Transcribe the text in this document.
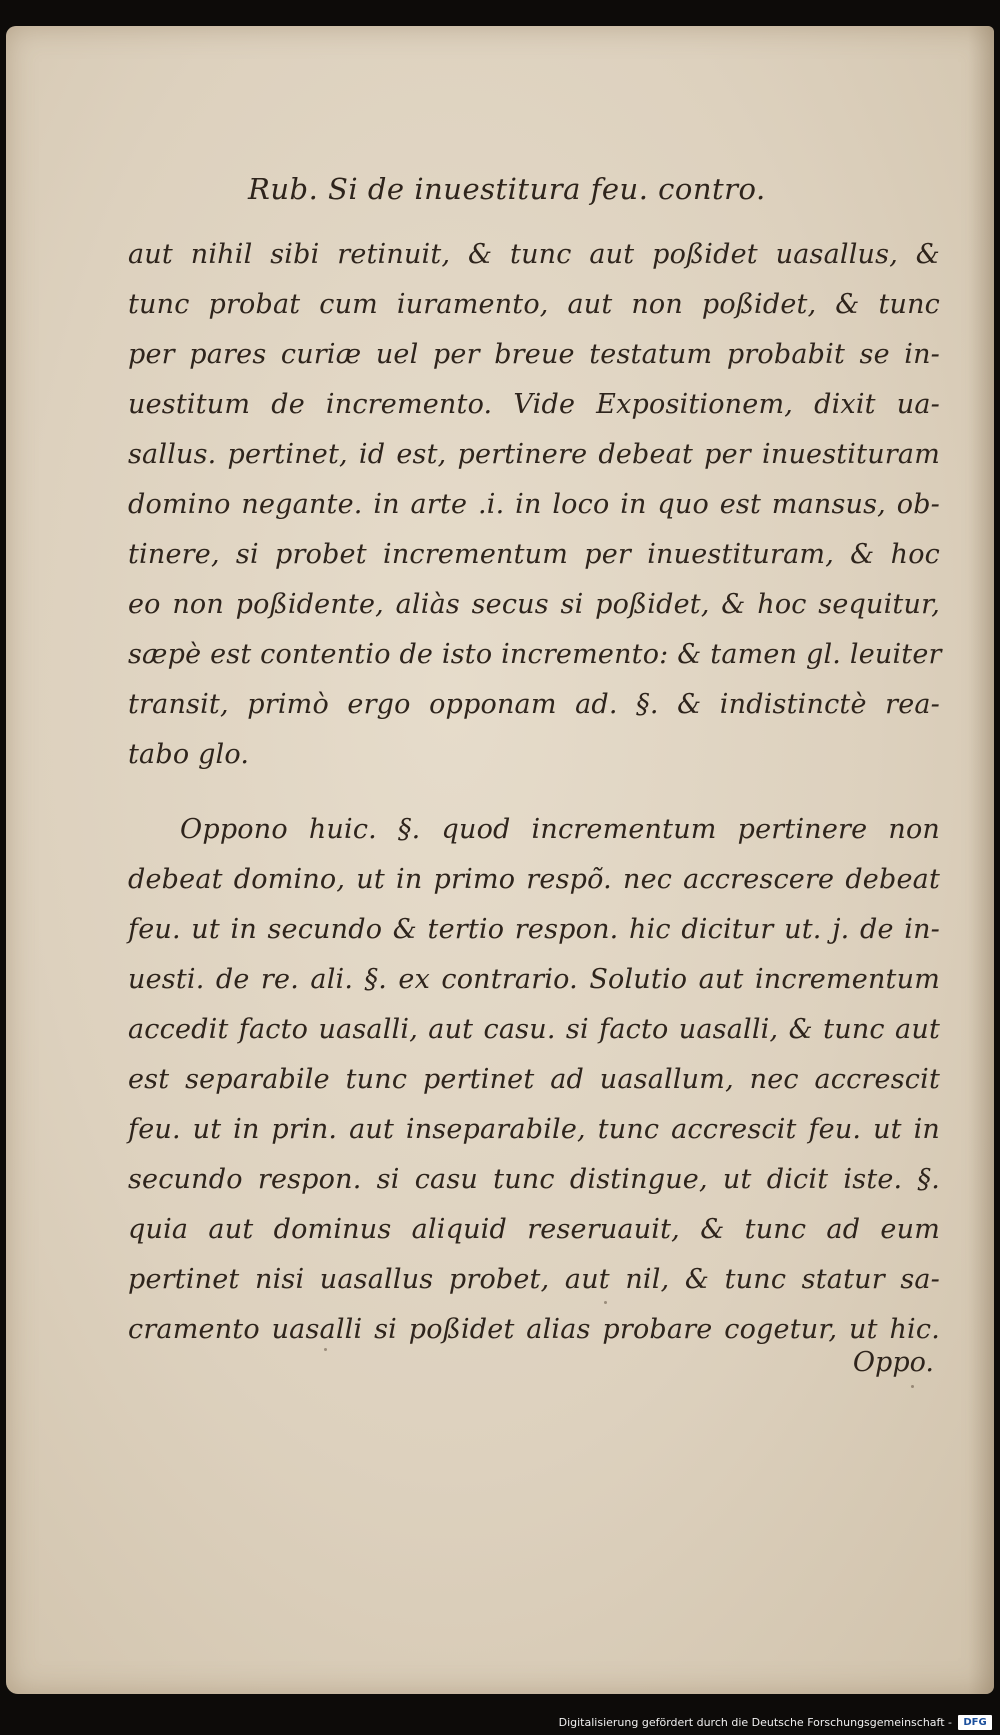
Rub. Si de inuestitura feu. contro.
aut nihil sibi retinuit, & tunc aut poßidet uasallus, &
tunc probat cum iuramento, aut non poßidet, & tunc
per pares curiæ uel per breue testatum probabit se in-
uestitum de incremento. Vide Expositionem, dixit ua-
sallus. pertinet, id est, pertinere debeat per inuestituram
domino negante. in arte .i. in loco in quo est mansus, ob-
tinere, si probet incrementum per inuestituram, & hoc
eo non poßidente, aliàs secus si poßidet, & hoc sequitur,
sæpè est contentio de isto incremento: & tamen gl. leuiter
transit, primò ergo opponam ad. §. & indistinctè rea-
tabo glo.
Oppono huic. §. quod incrementum pertinere non
debeat domino, ut in primo respõ. nec accrescere debeat
feu. ut in secundo & tertio respon. hic dicitur ut. j. de in-
uesti. de re. ali. §. ex contrario. Solutio aut incrementum
accedit facto uasalli, aut casu. si facto uasalli, & tunc aut
est separabile tunc pertinet ad uasallum, nec accrescit
feu. ut in prin. aut inseparabile, tunc accrescit feu. ut in
secundo respon. si casu tunc distingue, ut dicit iste. §.
quia aut dominus aliquid reseruauit, & tunc ad eum
pertinet nisi uasallus probet, aut nil, & tunc statur sa-
cramento uasalli si poßidet alias probare cogetur, ut hic.
Oppo.
Digitalisierung gefördert durch die Deutsche Forschungsgemeinschaft -	DFG
